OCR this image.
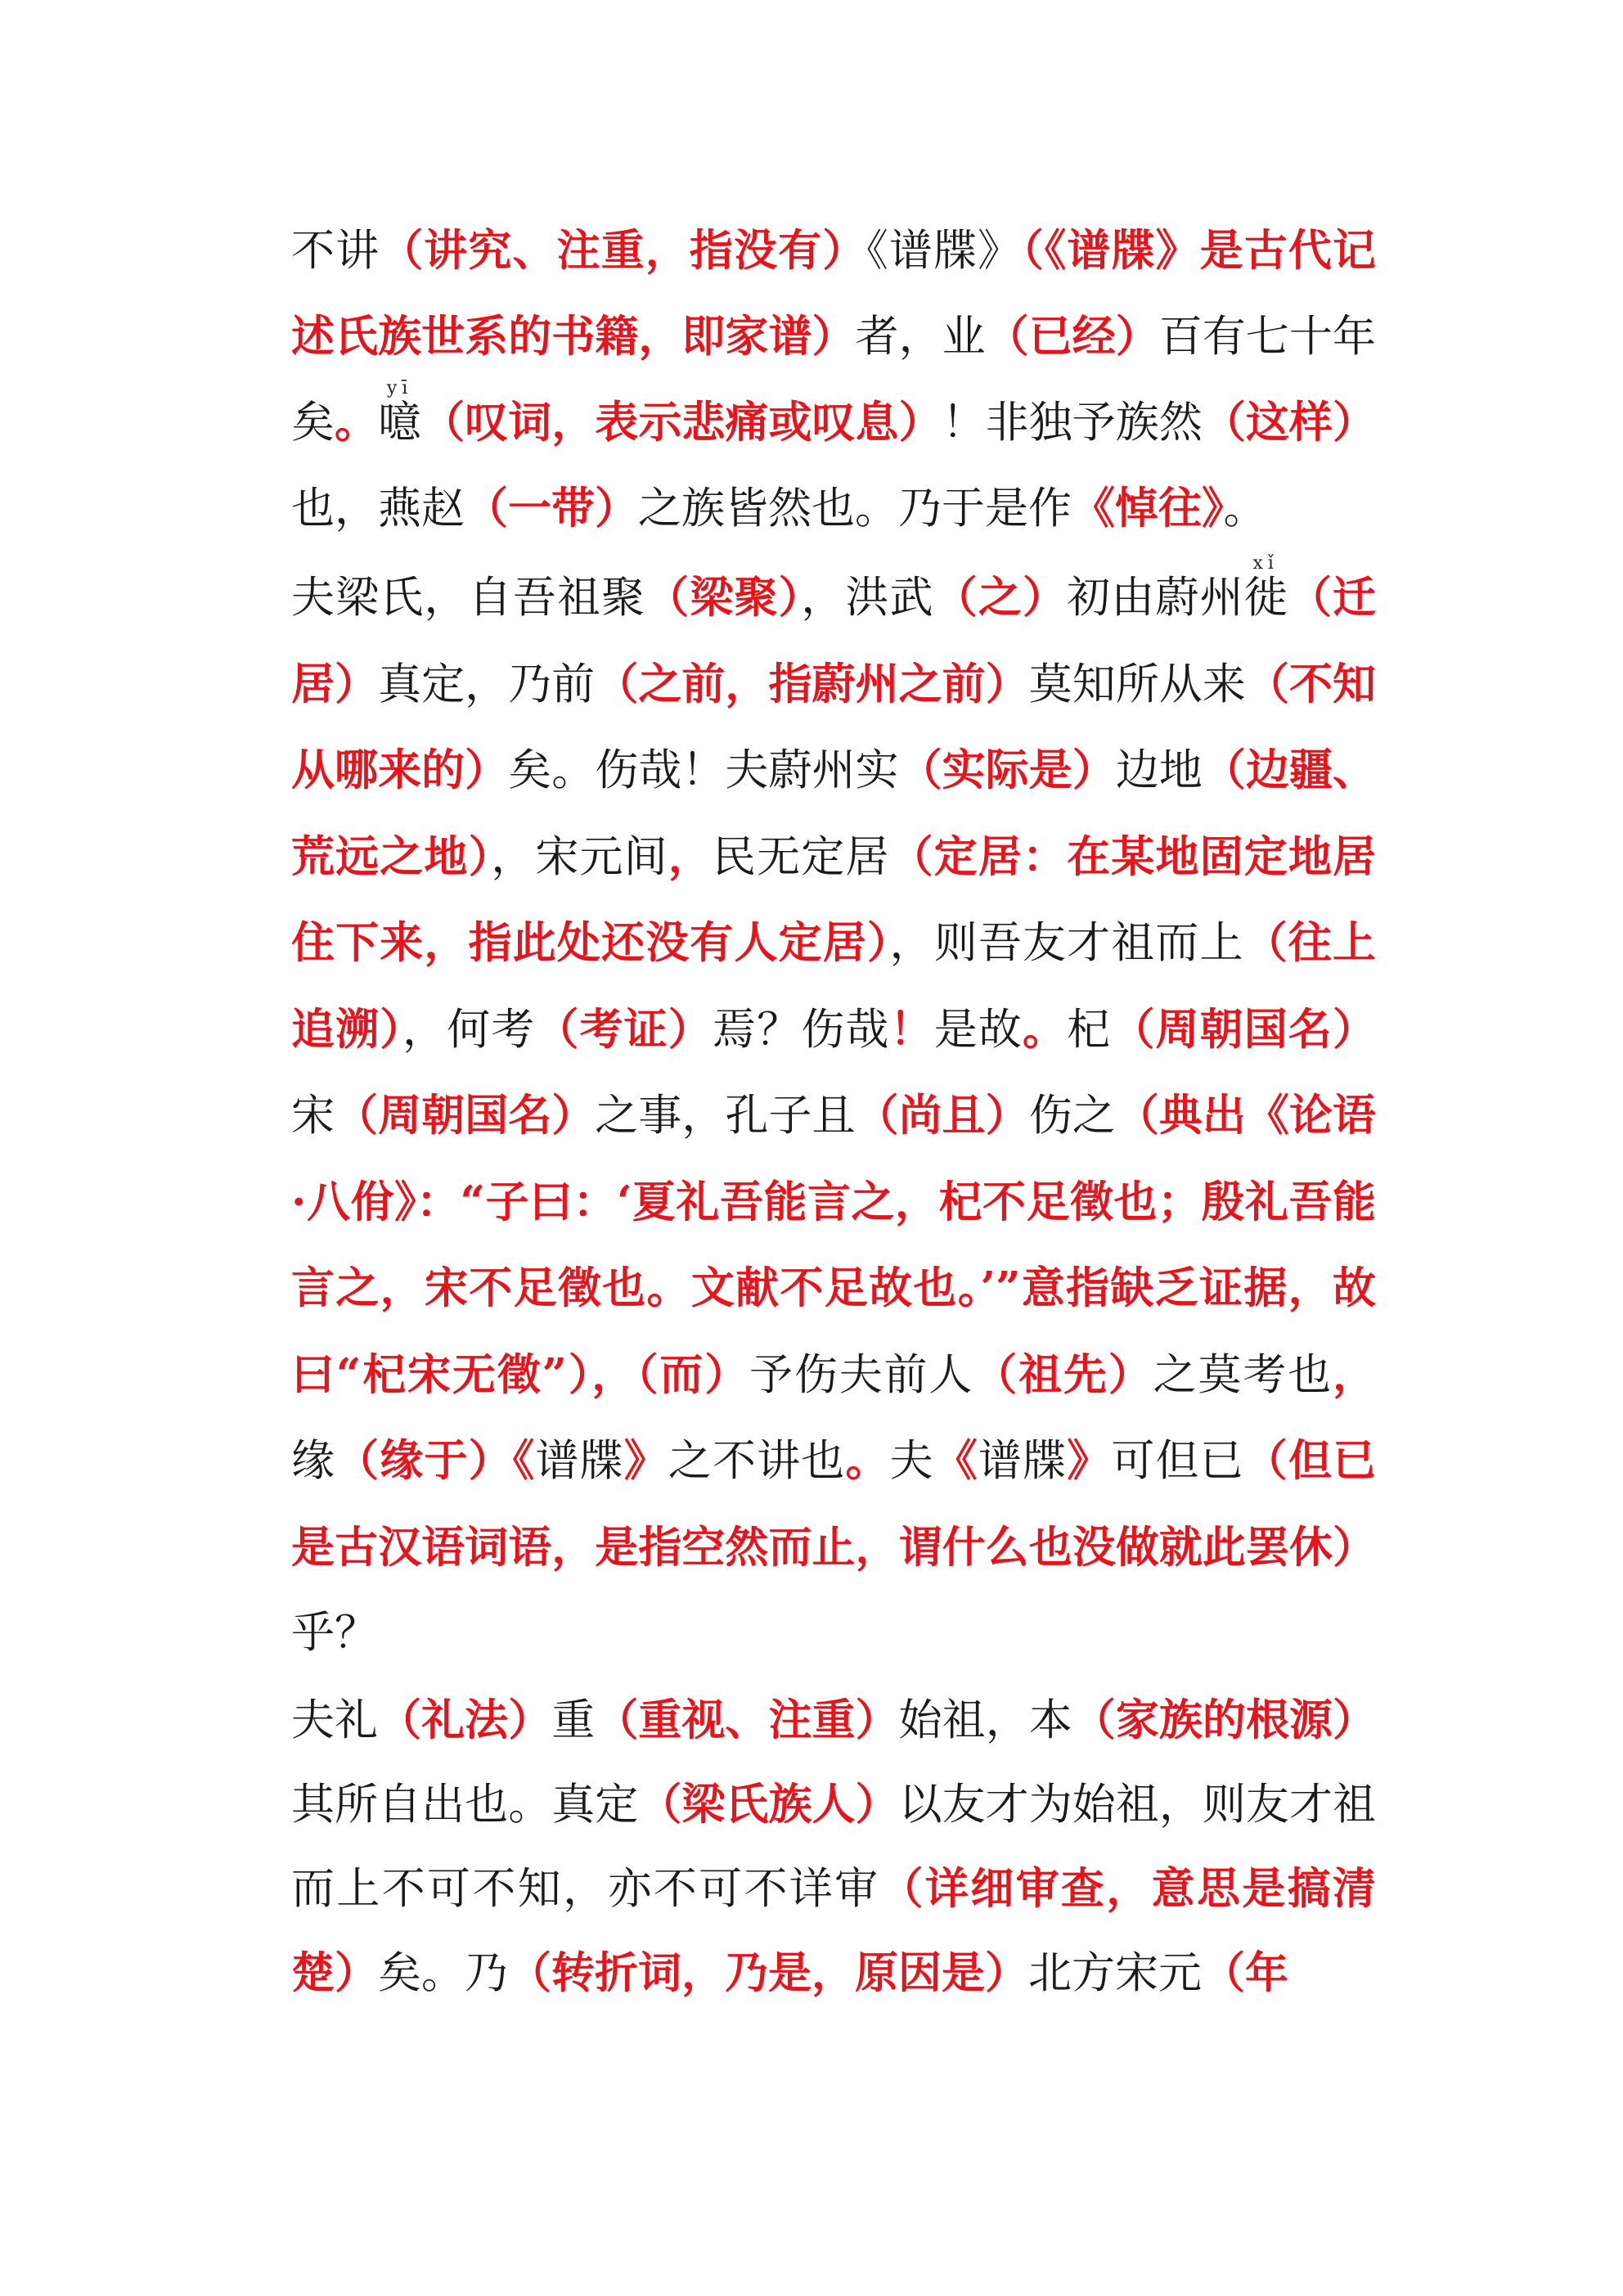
不讲（讲究、注重，指没有）《谱牒》（《谱牒》是古代记述氏族世系的书籍，即家谱）者，业（已经）百有七十年矣。噫yī（叹词，表示悲痛或叹息）！非独予族然（这样）也，燕赵（一带）之族皆然也。乃于是作《悼往》。

夫梁氏，自吾祖聚（梁聚），洪武（之）初由蔚州徙xǐ（迁居）真定，乃前（之前，指蔚州之前）莫知所从来（不知从哪来的）矣。伤哉！夫蔚州实（实际是）边地（边疆、荒远之地），宋元间，民无定居（定居：在某地固定地居住下来，指此处还没有人定居），则吾友才祖而上（往上追溯），何考（考证）焉？伤哉！是故。杞（周朝国名）宋（周朝国名）之事，孔子且（尚且）伤之（典出《论语·八佾》：“子曰：‘夏礼吾能言之，杞不足徵也；殷礼吾能言之，宋不足徵也。文献不足故也。’”意指缺乏证据，故曰“杞宋无徵”），（而）予伤夫前人（祖先）之莫考也，缘（缘于）《谱牒》之不讲也。夫《谱牒》可但已（但已是古汉语词语，是指空然而止，谓什么也没做就此罢休）乎？

夫礼（礼法）重（重视、注重）始祖，本（家族的根源）其所自出也。真定（梁氏族人）以友才为始祖，则友才祖而上不可不知，亦不可不详审（详细审查，意思是搞清楚）矣。乃（转折词，乃是，原因是）北方宋元（年
